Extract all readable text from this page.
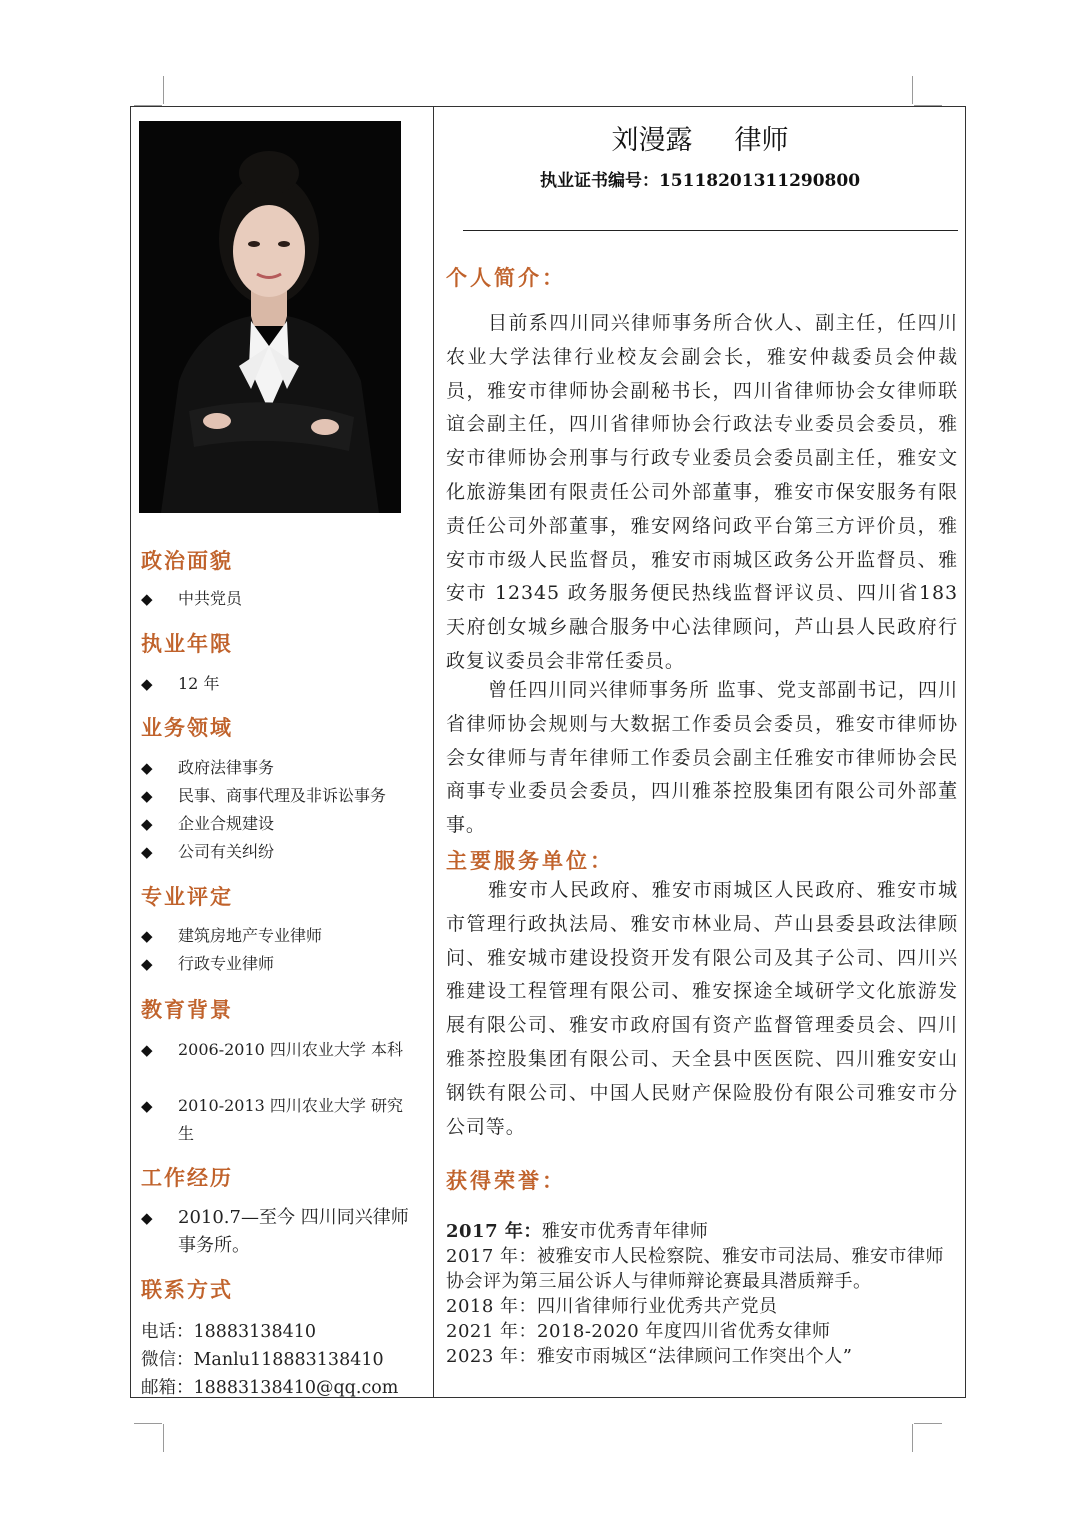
政治面貌
◆ 中共党员
执业年限
◆ 12 年
业务领域
◆ 政府法律事务
◆ 民事、商事代理及非诉讼事务
◆ 企业合规建设
◆ 公司有关纠纷
专业评定
◆ 建筑房地产专业律师
◆ 行政专业律师
教育背景
◆ 2006-2010 四川农业大学 本科
◆ 2010-2013 四川农业大学 研究生
工作经历
◆ 2010.7—至今 四川同兴律师事务所。
联系方式
电话：18883138410
微信：Manlu118883138410
邮箱：18883138410@qq.com
刘漫露 律师
执业证书编号：15118201311290800
个人简介：

目前系四川同兴律师事务所合伙人、副主任，任四川农业大学法律行业校友会副会长，雅安仲裁委员会仲裁员，雅安市律师协会副秘书长，四川省律师协会女律师联谊会副主任，四川省律师协会行政法专业委员会委员，雅安市律师协会刑事与行政专业委员会委员副主任，雅安文化旅游集团有限责任公司外部董事，雅安市保安服务有限责任公司外部董事，雅安网络问政平台第三方评价员，雅安市市级人民监督员，雅安市雨城区政务公开监督员、雅安市 12345 政务服务便民热线监督评议员、四川省183天府创女城乡融合服务中心法律顾问，芦山县人民政府行政复议委员会非常任委员。

曾任四川同兴律师事务所 监事、党支部副书记，四川省律师协会规则与大数据工作委员会委员，雅安市律师协会女律师与青年律师工作委员会副主任雅安市律师协会民商事专业委员会委员，四川雅茶控股集团有限公司外部董事。

主要服务单位：

雅安市人民政府、雅安市雨城区人民政府、雅安市城市管理行政执法局、雅安市林业局、芦山县委县政法律顾问、雅安城市建设投资开发有限公司及其子公司、四川兴雅建设工程管理有限公司、雅安探途全域研学文化旅游发展有限公司、雅安市政府国有资产监督管理委员会、四川雅茶控股集团有限公司、天全县中医医院、四川雅安安山钢铁有限公司、中国人民财产保险股份有限公司雅安市分公司等。

获得荣誉：
2017 年：雅安市优秀青年律师
2017 年：被雅安市人民检察院、雅安市司法局、雅安市律师协会评为第三届公诉人与律师辩论赛最具潜质辩手。
2018 年：四川省律师行业优秀共产党员
2021 年：2018-2020 年度四川省优秀女律师
2023 年：雅安市雨城区“法律顾问工作突出个人”
